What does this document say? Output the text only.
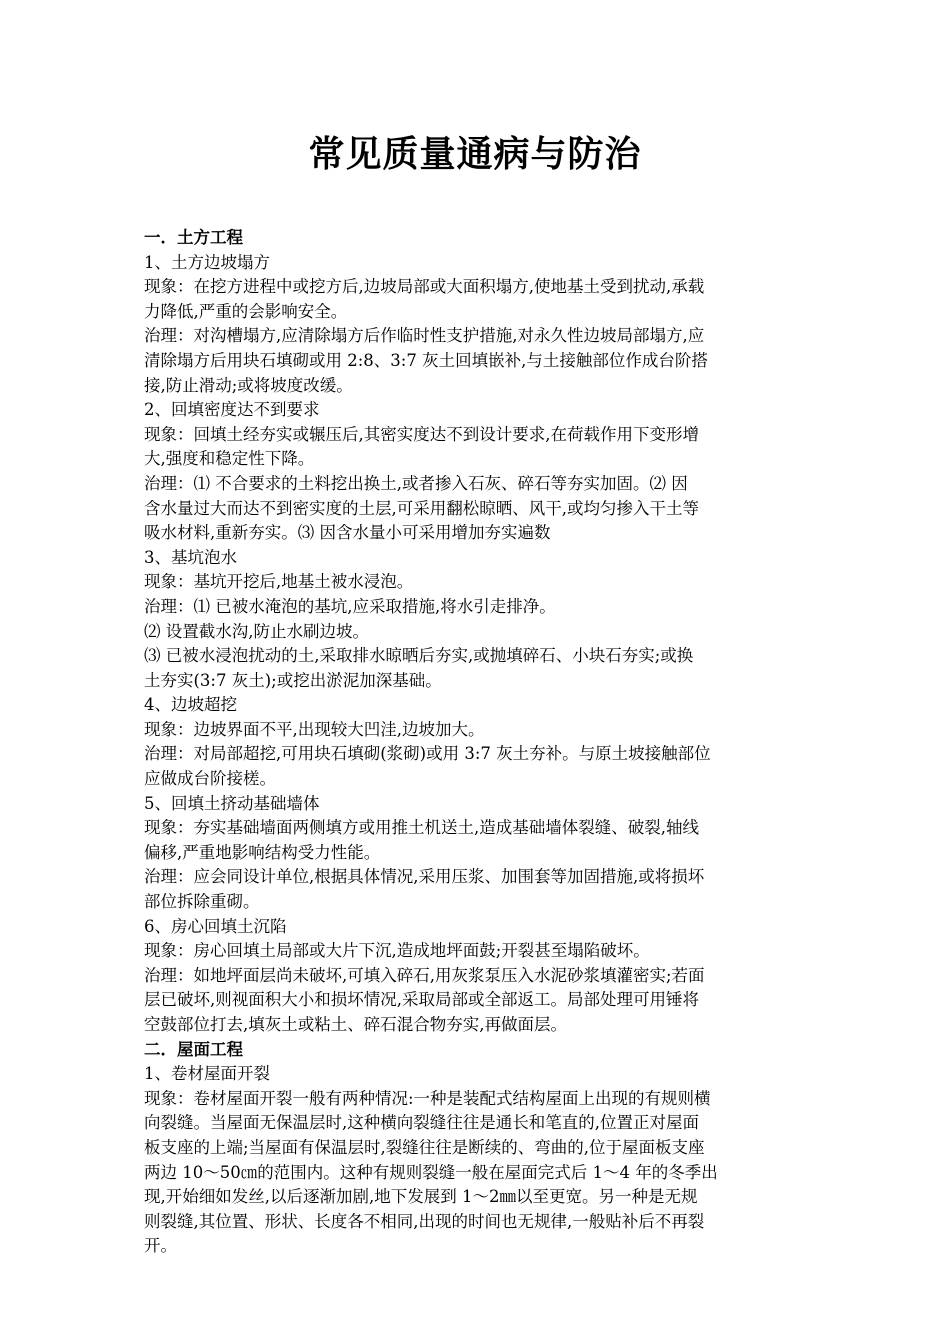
常见质量通病与防治
一．土方工程
1、土方边坡塌方
现象：在挖方进程中或挖方后,边坡局部或大面积塌方,使地基土受到扰动,承载
力降低,严重的会影响安全。
治理：对沟槽塌方,应清除塌方后作临时性支护措施,对永久性边坡局部塌方,应
清除塌方后用块石填砌或用 2:8、3:7 灰土回填嵌补,与土接触部位作成台阶搭
接,防止滑动;或将坡度改缓。
2、回填密度达不到要求
现象：回填土经夯实或辗压后,其密实度达不到设计要求,在荷载作用下变形增
大,强度和稳定性下降。
治理：⑴ 不合要求的土料挖出换土,或者掺入石灰、碎石等夯实加固。⑵ 因
含水量过大而达不到密实度的土层,可采用翻松晾晒、风干,或均匀掺入干土等
吸水材料,重新夯实。⑶ 因含水量小可采用增加夯实遍数
3、基坑泡水
现象：基坑开挖后,地基土被水浸泡。
治理：⑴ 已被水淹泡的基坑,应采取措施,将水引走排净。
⑵ 设置截水沟,防止水刷边坡。
⑶ 已被水浸泡扰动的土,采取排水晾晒后夯实,或抛填碎石、小块石夯实;或换
土夯实(3:7 灰土);或挖出淤泥加深基础。
4、边坡超挖
现象：边坡界面不平,出现较大凹洼,边坡加大。
治理：对局部超挖,可用块石填砌(浆砌)或用 3:7 灰土夯补。与原土坡接触部位
应做成台阶接槎。
5、回填土挤动基础墙体
现象：夯实基础墙面两侧填方或用推土机送土,造成基础墙体裂缝、破裂,轴线
偏移,严重地影响结构受力性能。
治理：应会同设计单位,根据具体情况,采用压浆、加围套等加固措施,或将损坏
部位拆除重砌。
6、房心回填土沉陷
现象：房心回填土局部或大片下沉,造成地坪面鼓;开裂甚至塌陷破坏。
治理：如地坪面层尚未破坏,可填入碎石,用灰浆泵压入水泥砂浆填灌密实;若面
层已破坏,则视面积大小和损坏情况,采取局部或全部返工。局部处理可用锤将
空鼓部位打去,填灰土或粘土、碎石混合物夯实,再做面层。
二．屋面工程
1、卷材屋面开裂
现象：卷材屋面开裂一般有两种情况:一种是装配式结构屋面上出现的有规则横
向裂缝。当屋面无保温层时,这种横向裂缝往往是通长和笔直的,位置正对屋面
板支座的上端;当屋面有保温层时,裂缝往往是断续的、弯曲的,位于屋面板支座
两边 10～50㎝的范围内。这种有规则裂缝一般在屋面完式后 1～4 年的冬季出
现,开始细如发丝,以后逐渐加剧,地下发展到 1～2㎜以至更宽。另一种是无规
则裂缝,其位置、形状、长度各不相同,出现的时间也无规律,一般贴补后不再裂
开。
